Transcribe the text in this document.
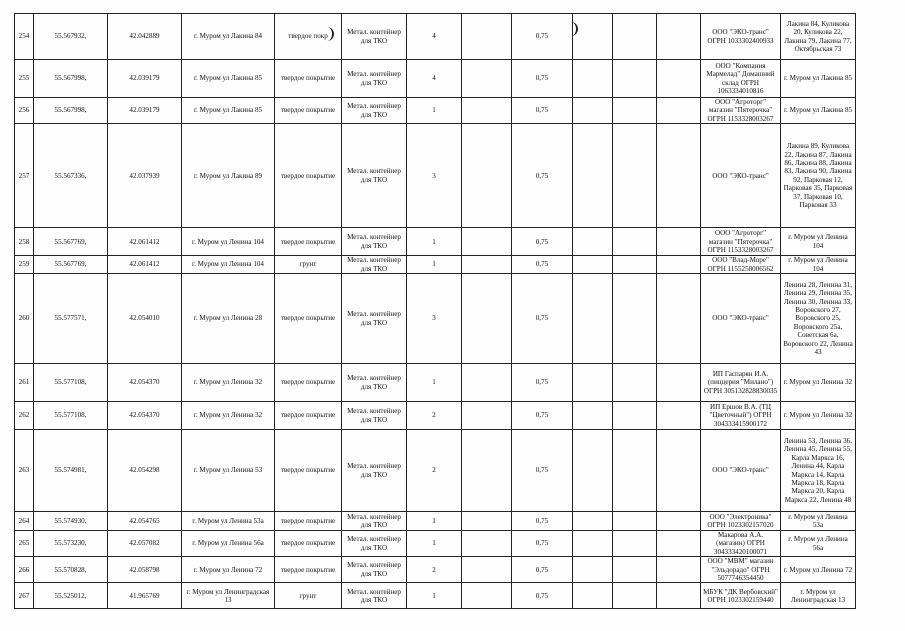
254	55.567932,	42.042889	г. Муром ул Лакина 84	твердое покр	Метал. контейнер для ТКО	4		0,75				ООО "ЭКО-транс" ОГРН 1033302400933	Лакина 84, Куликова 20, Куликова 22, Лакина 79, Лакина 77, Октябрьская 73
255	55.567998,	42.039179	г. Муром ул Лакина 85	твердое покрытие	Метал. контейнер для ТКО	4		0,75				ООО "Компания Мармелад" Домашний склад ОГРН 1063334010816	г. Муром ул Лакина 85
256	55.567998,	42.039179	г. Муром ул Лакина 85	твердое покрытие	Метал. контейнер для ТКО	1		0,75				ООО "Агроторг" магазин "Пятерочка" ОГРН 1153328003267	г. Муром ул Лакина 85
257	55.567336,	42.037939	г. Муром ул Лакина 89	твердое покрытие	Метал. контейнер для ТКО	3		0,75				ООО "ЭКО-транс"	Лакина 89, Куликова 22, Лакина 87, Лакина 86, Лакина 88, Лакина 83, Лакина 90, Лакина 92, Парковая 12, Парковая 35, Парковая 37, Парковая 10, Парковая 33
258	55.567769,	42.061412	г. Муром ул Ленина 104	твердое покрытие	Метал. контейнер для ТКО	1		0,75				ООО "Агроторг" магазин "Пятерочка" ОГРН 1153328003267	г. Муром ул Ленина 104
259	55.567769,	42.061412	г. Муром ул Ленина 104	грунт	Метал. контейнер для ТКО	1		0,75				ООО "Влад-Море" ОГРН 1155258006562	г. Муром ул Ленина 104
260	55.577571,	42.054010	г. Муром ул Ленина 28	твердое покрытие	Метал. контейнер для ТКО	3		0,75				ООО "ЭКО-транс"	Ленина 28, Ленина 31, Ленина 29, Ленина 35, Ленина 30, Ленина 33, Воровского 27, Воровского 25, Воровского 25а, Советская 6а, Воровского 22, Ленина 43
261	55.577108,	42.054370	г. Муром ул Ленина 32	твердое покрытие	Метал. контейнер для ТКО	1		0,75				ИП Гаспарян И.А. (пиццерия "Милано") ОГРН 305132828830035	г. Муром ул Ленина 32
262	55.577108,	42.054370	г. Муром ул Ленина 32	твердое покрытие	Метал. контейнер для ТКО	2		0,75				ИП Ершов В.А. (ТЦ "Цветочный") ОГРН 304333415900172	г. Муром ул Ленина 32
263	55.574981,	42.054298	г. Муром ул Ленина 53	твердое покрытие	Метал. контейнер для ТКО	2		0,75				ООО "ЭКО-транс"	Ленина 53, Ленина 36, Ленина 45, Ленина 55, Карла Маркса 16, Ленина 44, Карла Маркса 14, Карла Маркса 18, Карла Маркса 20, Карла Маркса 22, Ленина 48
264	55.574930,	42.054765	г. Муром ул Ленина 53а	твердое покрытие	Метал. контейнер для ТКО	1		0,75				ООО "Электроника" ОГРН 1023302157020	г. Муром ул Ленина 53а
265	55.573230,	42.057082	г. Муром ул Ленина 56а	твердое покрытие	Метал. контейнер для ТКО	1		0,75				Макарова А.А. (магазин) ОГРН 304333420100071	г. Муром ул Ленина 56а
266	55.570828,	42.058798	г. Муром ул Ленина 72	твердое покрытие	Метал. контейнер для ТКО	2		0,75				ООО "МВМ" магазин "Эльдорадо" ОГРН 5077746354450	г. Муром ул Ленина 72
267	55.525012,	41.965769	г. Муром ул Ленинградская 13	грунт	Метал. контейнер для ТКО	1		0,75				МБУК "ДК Вербовский" ОГРН 1023302159440	г. Муром ул Ленинградская 13
